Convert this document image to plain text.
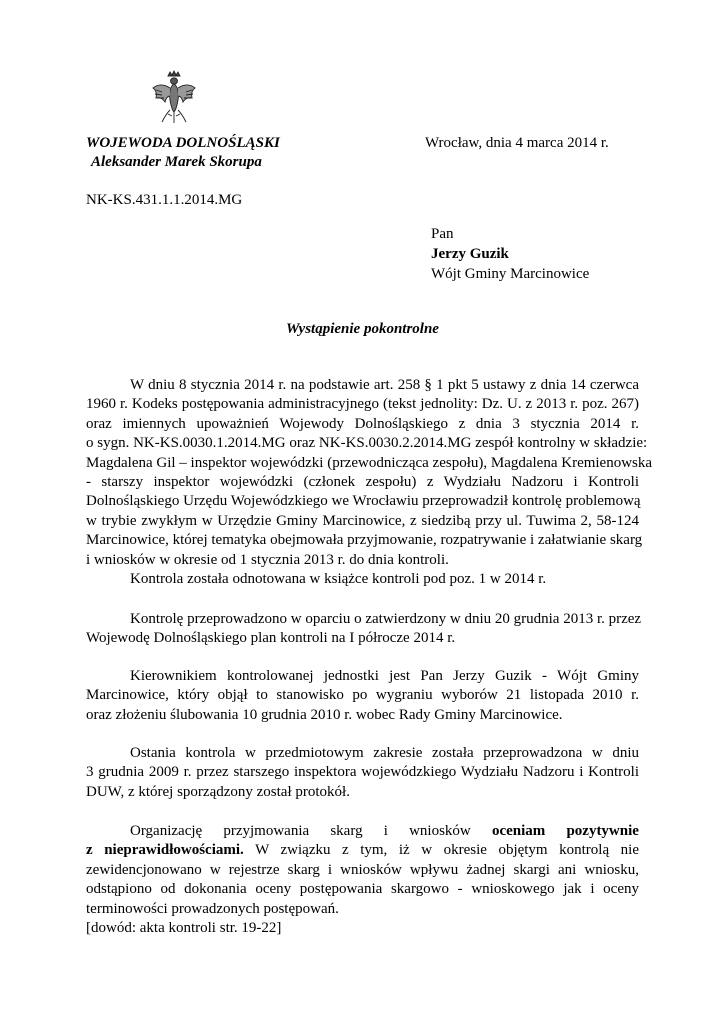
WOJEWODA DOLNOŚLĄSKI
Aleksander Marek Skorupa
Wrocław, dnia 4 marca 2014 r.
NK-KS.431.1.1.2014.MG
Pan
Jerzy Guzik
Wójt Gminy Marcinowice
Wystąpienie pokontrolne
W dniu 8 stycznia 2014 r. na podstawie art. 258 § 1 pkt 5 ustawy z dnia 14 czerwca
1960 r. Kodeks postępowania administracyjnego (tekst jednolity: Dz. U. z 2013 r. poz. 267)
oraz imiennych upoważnień Wojewody Dolnośląskiego z dnia 3 stycznia 2014 r.
o sygn. NK-KS.0030.1.2014.MG oraz NK-KS.0030.2.2014.MG zespół kontrolny w składzie:
Magdalena Gil – inspektor wojewódzki (przewodnicząca zespołu), Magdalena Kremienowska
- starszy inspektor wojewódzki (członek zespołu) z Wydziału Nadzoru i Kontroli
Dolnośląskiego Urzędu Wojewódzkiego we Wrocławiu przeprowadził kontrolę problemową
w trybie zwykłym w Urzędzie Gminy Marcinowice, z siedzibą przy ul. Tuwima 2, 58-124
Marcinowice, której tematyka obejmowała przyjmowanie, rozpatrywanie i załatwianie skarg
i wniosków w okresie od 1 stycznia 2013 r. do dnia kontroli.
Kontrola została odnotowana w książce kontroli pod poz. 1 w 2014 r.
Kontrolę przeprowadzono w oparciu o zatwierdzony w dniu 20 grudnia 2013 r. przez
Wojewodę Dolnośląskiego plan kontroli na I półrocze 2014 r.
Kierownikiem kontrolowanej jednostki jest Pan Jerzy Guzik - Wójt Gminy
Marcinowice, który objął to stanowisko po wygraniu wyborów 21 listopada 2010 r.
oraz złożeniu ślubowania 10 grudnia 2010 r. wobec Rady Gminy Marcinowice.
Ostania kontrola w przedmiotowym zakresie została przeprowadzona w dniu
3 grudnia 2009 r. przez starszego inspektora wojewódzkiego Wydziału Nadzoru i Kontroli
DUW, z której sporządzony został protokół.
Organizację przyjmowania skarg i wniosków oceniam pozytywnie
z nieprawidłowościami. W związku z tym, iż w okresie objętym kontrolą nie
zewidencjonowano w rejestrze skarg i wniosków wpływu żadnej skargi ani wniosku,
odstąpiono od dokonania oceny postępowania skargowo - wnioskowego jak i oceny
terminowości prowadzonych postępowań.
[dowód: akta kontroli str. 19-22]
